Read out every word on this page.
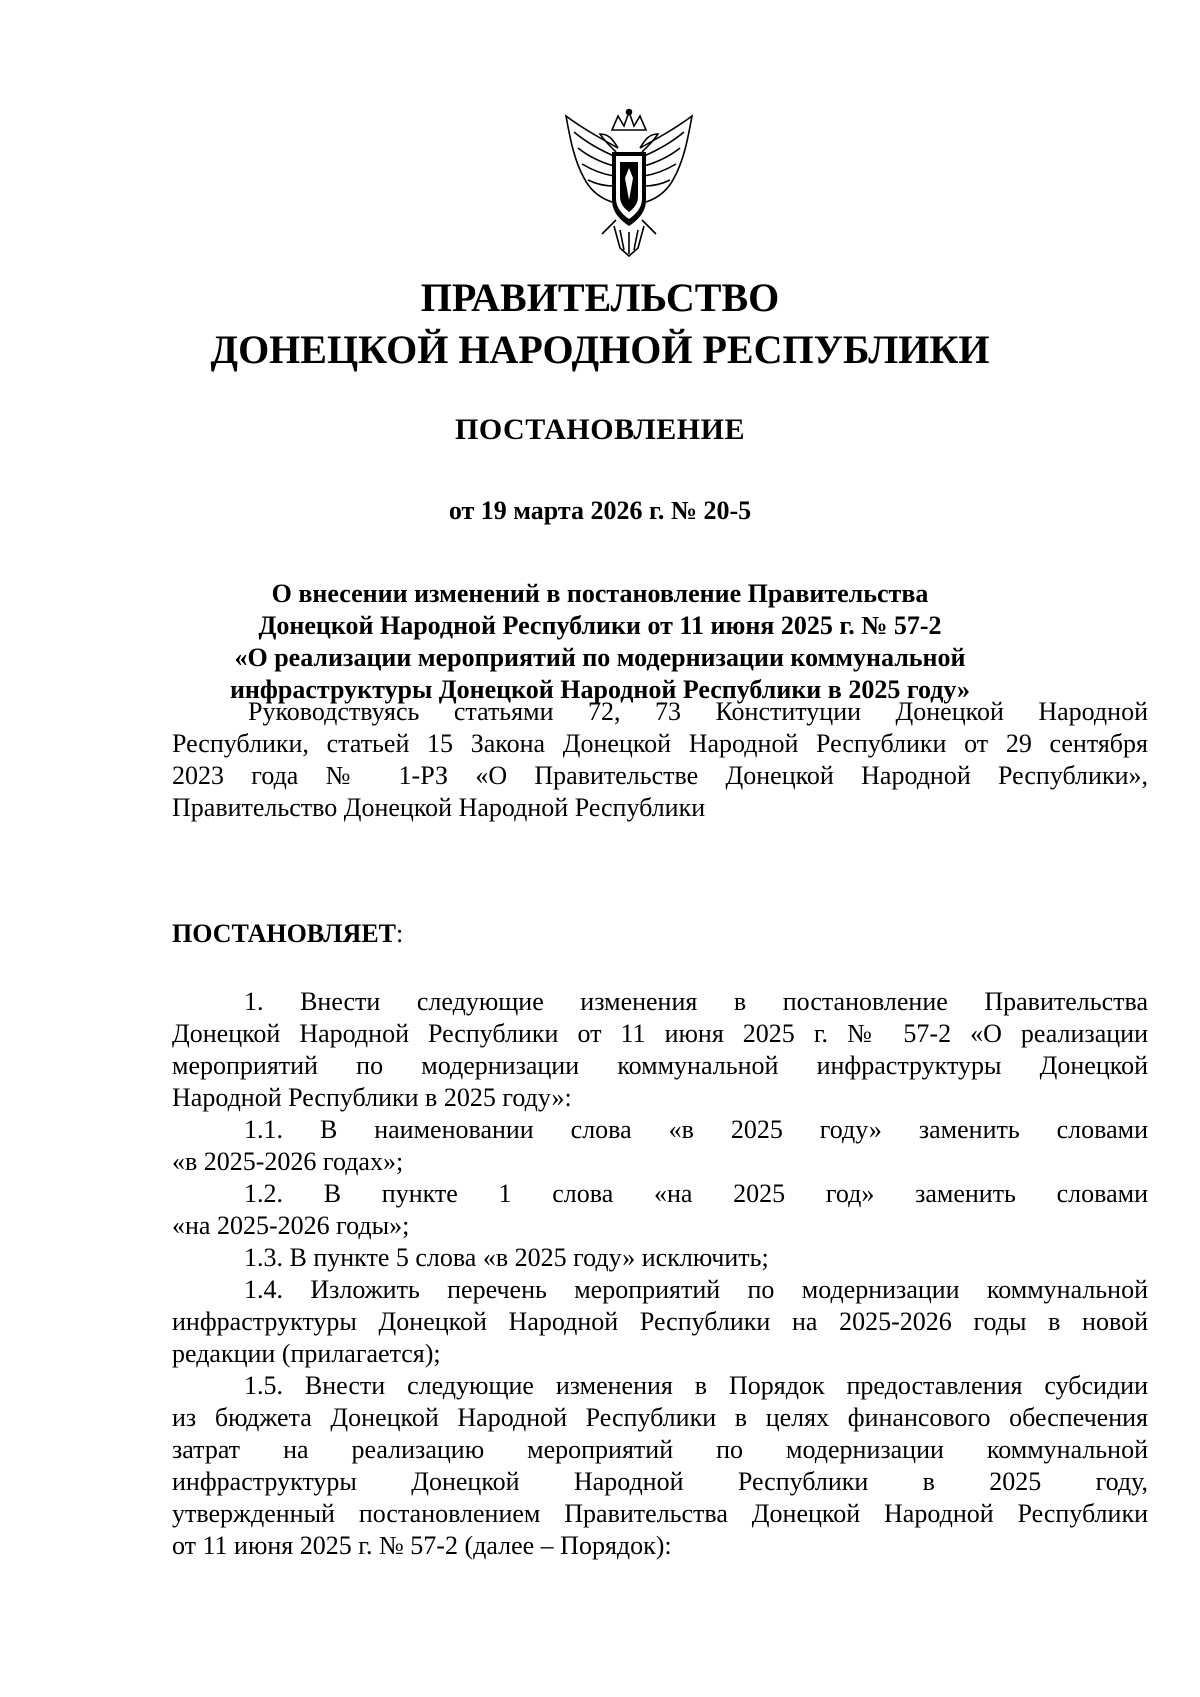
ПРАВИТЕЛЬСТВО
ДОНЕЦКОЙ НАРОДНОЙ РЕСПУБЛИКИ
ПОСТАНОВЛЕНИЕ
от 19 марта 2026 г. № 20-5
О внесении изменений в постановление Правительства
Донецкой Народной Республики от 11 июня 2025 г. № 57-2
«О реализации мероприятий по модернизации коммунальной
инфраструктуры Донецкой Народной Республики в 2025 году»
Руководствуясь статьями 72, 73 Конституции Донецкой Народной
Республики, статьей 15 Закона Донецкой Народной Республики от 29 сентября
2023 года № 1-РЗ «О Правительстве Донецкой Народной Республики»,
Правительство Донецкой Народной Республики
ПОСТАНОВЛЯЕТ:
1. Внести следующие изменения в постановление Правительства
Донецкой Народной Республики от 11 июня 2025 г. № 57-2 «О реализации
мероприятий по модернизации коммунальной инфраструктуры Донецкой
Народной Республики в 2025 году»:
1.1. В наименовании слова «в 2025 году» заменить словами
«в 2025-2026 годах»;
1.2. В пункте 1 слова «на 2025 год» заменить словами
«на 2025-2026 годы»;
1.3. В пункте 5 слова «в 2025 году» исключить;
1.4. Изложить перечень мероприятий по модернизации коммунальной
инфраструктуры Донецкой Народной Республики на 2025-2026 годы в новой
редакции (прилагается);
1.5. Внести следующие изменения в Порядок предоставления субсидии
из бюджета Донецкой Народной Республики в целях финансового обеспечения
затрат на реализацию мероприятий по модернизации коммунальной
инфраструктуры Донецкой Народной Республики в 2025 году,
утвержденный постановлением Правительства Донецкой Народной Республики
от 11 июня 2025 г. № 57-2 (далее – Порядок):
